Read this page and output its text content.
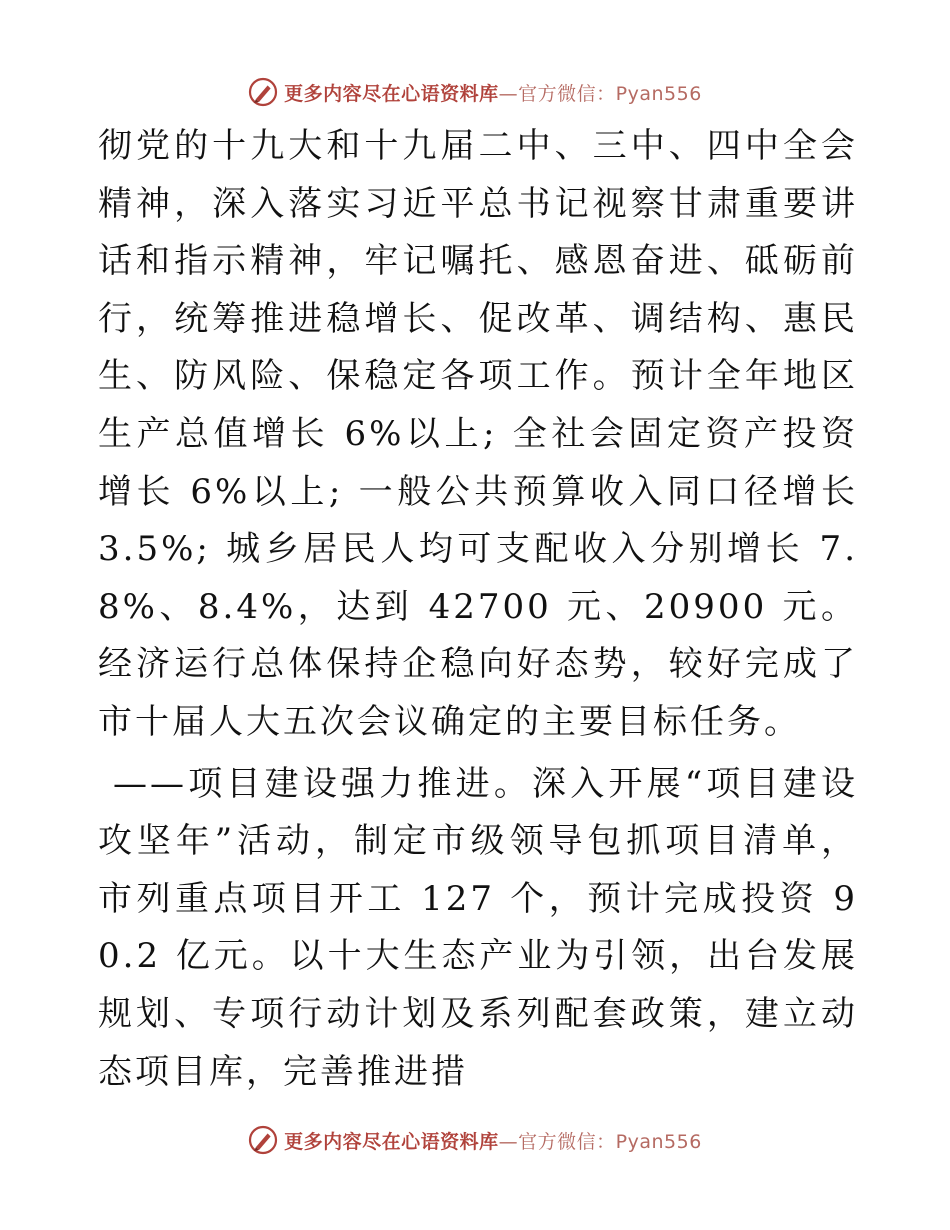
更多内容尽在心语资料库—官方微信：Pyan556

彻党的十九大和十九届二中、三中、四中全会精神，深入落实习近平总书记视察甘肃重要讲话和指示精神，牢记嘱托、感恩奋进、砥砺前行，统筹推进稳增长、促改革、调结构、惠民生、防风险、保稳定各项工作。预计全年地区生产总值增长 6%以上; 全社会固定资产投资增长 6%以上; 一般公共预算收入同口径增长 3.5%; 城乡居民人均可支配收入分别增长 7.8%、8.4%，达到 42700 元、20900 元。经济运行总体保持企稳向好态势，较好完成了市十届人大五次会议确定的主要目标任务。

——项目建设强力推进。深入开展“项目建设攻坚年”活动，制定市级领导包抓项目清单，市列重点项目开工 127 个，预计完成投资 90.2 亿元。以十大生态产业为引领，出台发展规划、专项行动计划及系列配套政策，建立动态项目库，完善推进措

更多内容尽在心语资料库—官方微信：Pyan556
